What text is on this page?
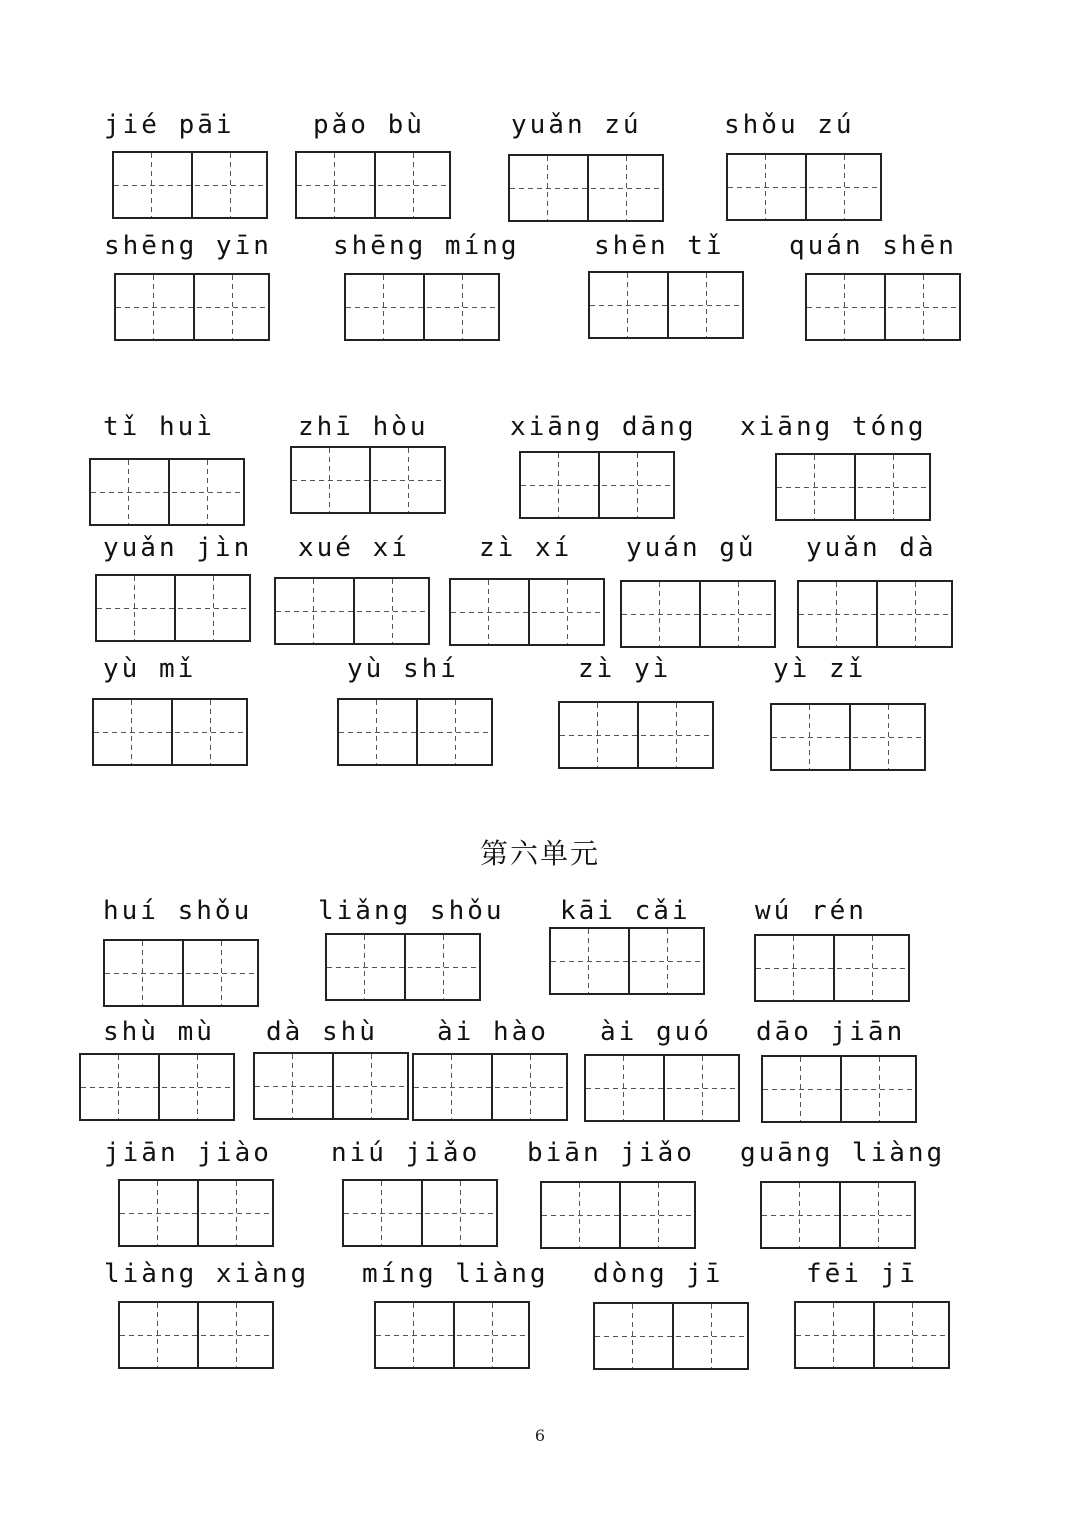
jié pāi	pǎo bù	yuǎn zú	shǒu zú
shēng yīn shēng míng	shēn tǐ quán shēn
tǐ huì	zhī hòu	xiāng dāng xiāng tóng
yuǎn jìn xué xí	zì xí yuán gǔ yuǎn dà
yù mǐ	yù shí	zì yì	yì zǐ
第六单元
huí shǒu	liǎng shǒu kāi cǎi wú rén
shù mù dà shù ài hào ài guó dāo jiān
jiān jiào niú jiǎo biān jiǎo guāng liàng
liàng xiàng míng liàng dòng jī	fēi jī
6
